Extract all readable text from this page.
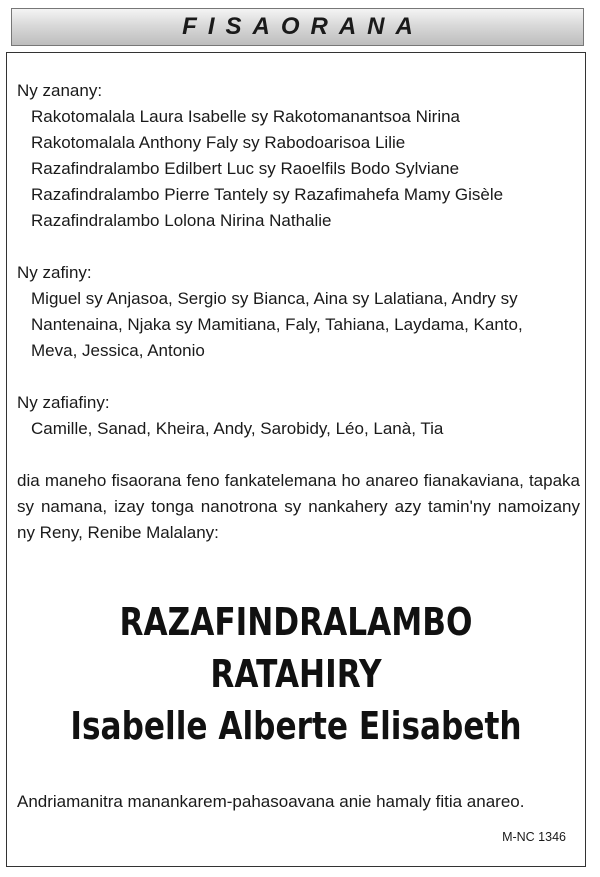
FISAORANA
Ny zanany:
Rakotomalala Laura Isabelle sy Rakotomanantsoa Nirina
Rakotomalala Anthony Faly sy Rabodoarisoa Lilie
Razafindralambo Edilbert Luc sy Raoelfils Bodo Sylviane
Razafindralambo Pierre Tantely sy Razafimahefa Mamy Gisèle
Razafindralambo Lolona Nirina Nathalie
Ny zafiny:
Miguel sy Anjasoa, Sergio sy Bianca, Aina sy Lalatiana, Andry sy
Nantenaina, Njaka sy Mamitiana, Faly, Tahiana, Laydama, Kanto,
Meva, Jessica, Antonio
Ny zafiafiny:
Camille, Sanad, Kheira, Andy, Sarobidy, Léo, Lanà, Tia
dia maneho fisaorana feno fankatelemana ho anareo fianakaviana, tapaka sy namana, izay tonga nanotrona sy nankahery azy tamin'ny namoizany ny Reny, Renibe Malalany:
RAZAFINDRALAMBO
RATAHIRY
Isabelle Alberte Elisabeth
Andriamanitra manankarem-pahasoavana anie hamaly fitia anareo.
M-NC 1346
